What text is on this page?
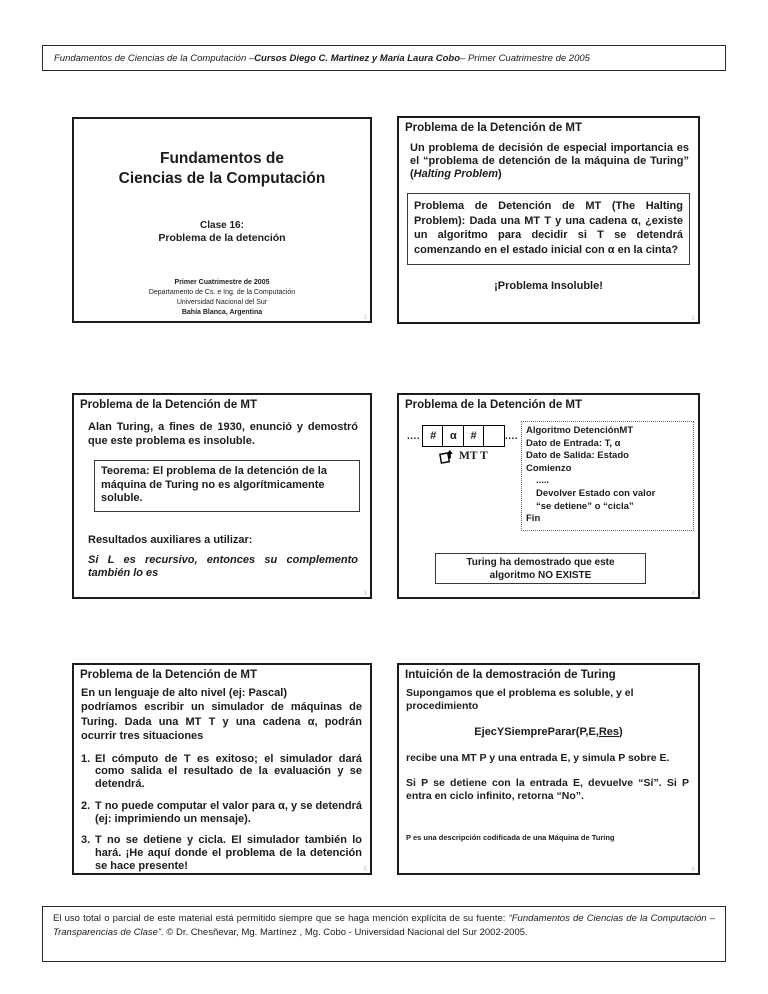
Fundamentos de Ciencias de la Computación – Cursos Diego C. Martinez y María Laura Cobo – Primer Cuatrimestre de 2005
Fundamentos de
Ciencias de la Computación
Clase 16:
Problema de la detención
Primer Cuatrimestre de 2005
Departamento de Cs. e Ing. de la Computación
Universidad Nacional del Sur
Bahía Blanca, Argentina
1
Problema de la Detención de MT
Un problema de decisión de especial importancia es el “problema de detención de la máquina de Turing” (Halting Problem)
Problema de Detención de MT (The Halting Problem): Dada una MT T y una cadena α, ¿existe un algoritmo para decidir si T se detendrá comenzando en el estado inicial con α en la cinta?
¡Problema Insoluble!
2
Problema de la Detención de MT
Alan Turing, a fines de 1930, enunció y demostró que este problema es insoluble.
Teorema: El problema de la detención de la máquina de Turing no es algorítmicamente soluble.
Resultados auxiliares a utilizar:
Si L es recursivo, entonces su complemento también lo es
3
Problema de la Detención de MT
.... #	α	#	....
MT T
Algoritmo DetenciónMT
Dato de Entrada: T, α
Dato de Salida: Estado
Comienzo
.....
Devolver Estado con valor
“se detiene” o “cicla”
Fin
Turing ha demostrado que este
algoritmo NO EXISTE
4
Problema de la Detención de MT
En un lenguaje de alto nivel (ej: Pascal)
podríamos escribir un simulador de máquinas de Turing. Dada una MT T y una cadena α, podrán ocurrir tres situaciones
1. El cómputo de T es exitoso; el simulador dará como salida el resultado de la evaluación y se detendrá.
2. T no puede computar el valor para α, y se detendrá (ej: imprimiendo un mensaje).
3. T no se detiene y cicla. El simulador también lo hará. ¡He aquí donde el problema de la detención se hace presente!	5
Intuición de la demostración de Turing
Supongamos que el problema es soluble, y el procedimiento
EjecYSiempreParar(P,E,Res)
recibe una MT P y una entrada E, y simula P sobre E.
Si P se detiene con la entrada E, devuelve “Sí”. Si P entra en ciclo infinito, retorna “No”.
P es una descripción codificada de una Máquina de Turing
6
El uso total o parcial de este material está permitido siempre que se haga mención explícita de su fuente: “Fundamentos de Ciencias de la Computación – Transparencias de Clase”. © Dr. Chesñevar, Mg. Martínez , Mg. Cobo - Universidad Nacional del Sur 2002-2005.
